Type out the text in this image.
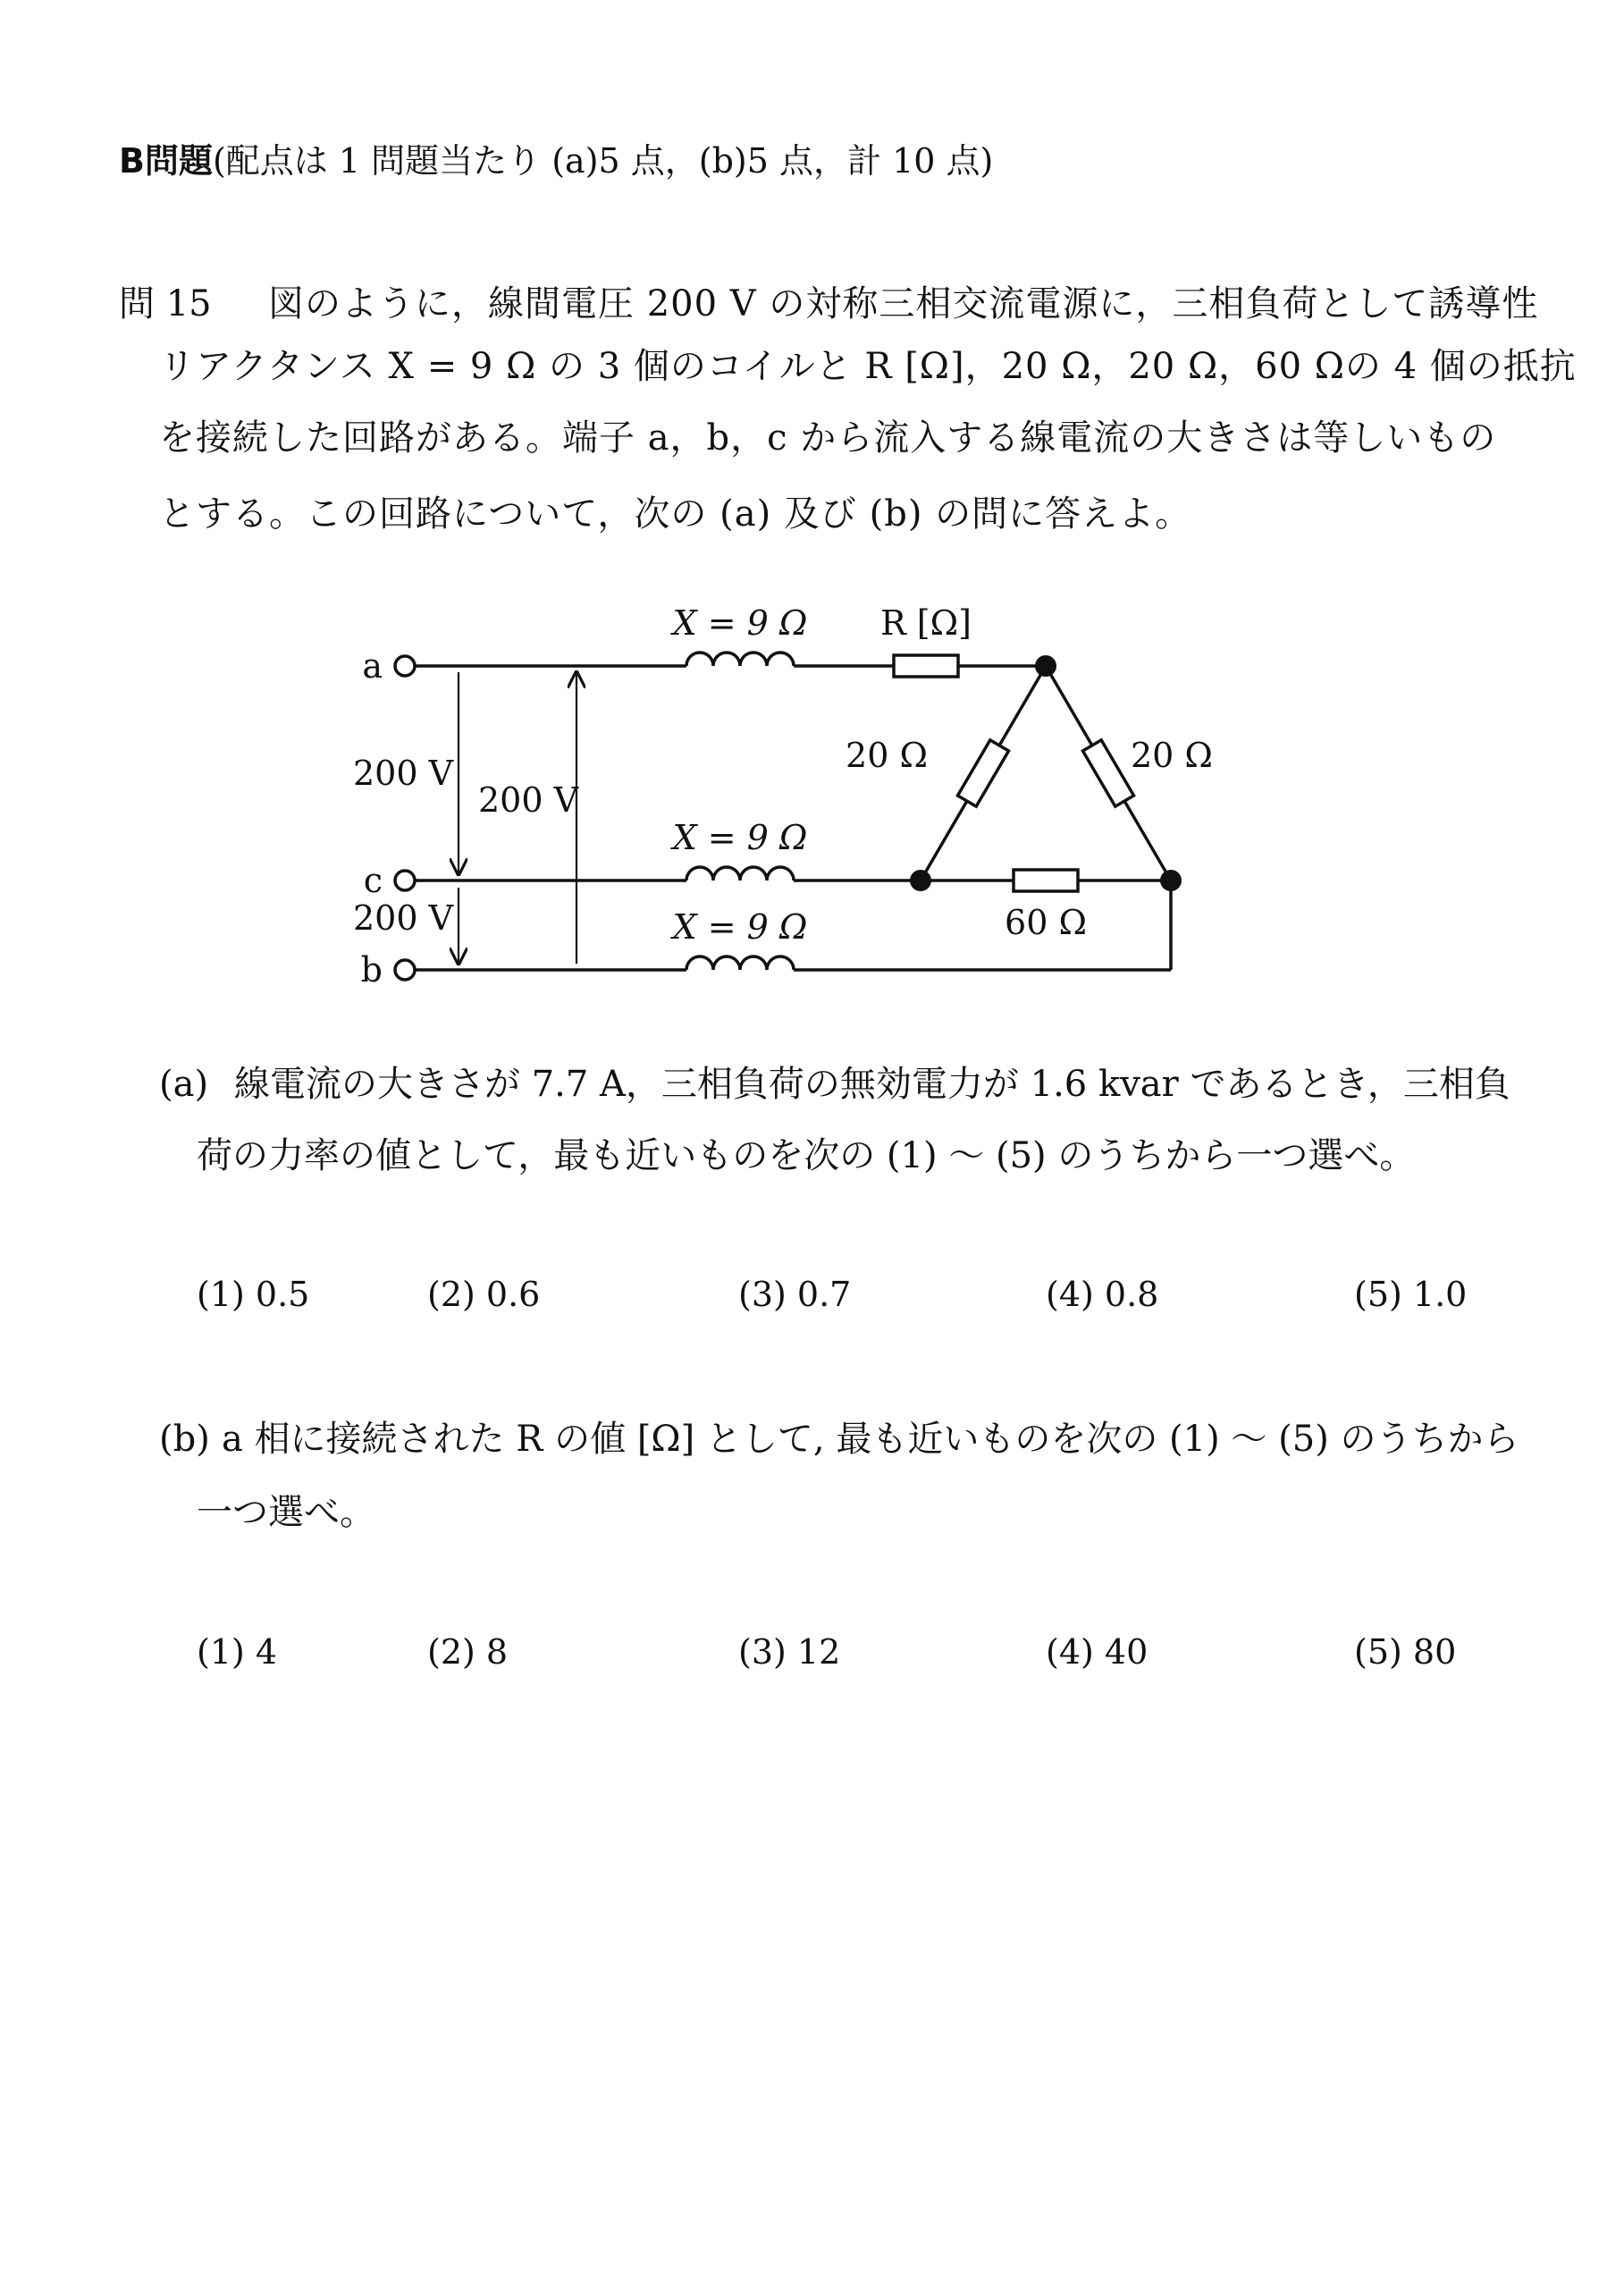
B問題(配点は 1 問題当たり (a)5 点，(b)5 点，計 10 点)
問 15 図のように，線間電圧 200 V の対称三相交流電源に，三相負荷として誘導性
リアクタンス X = 9 Ω の 3 個のコイルと R [Ω]，20 Ω，20 Ω，60 Ωの 4 個の抵抗
を接続した回路がある。端子 a，b，c から流入する線電流の大きさは等しいもの
とする。この回路について，次の (a) 及び (b) の問に答えよ。
a
c
b
200 V
200 V
200 V
X = 9 Ω
X = 9 Ω
X = 9 Ω
R [Ω]
20 Ω	20 Ω
60 Ω
(a) 線電流の大きさが 7.7 A，三相負荷の無効電力が 1.6 kvar であるとき，三相負
荷の力率の値として，最も近いものを次の (1) ～ (5) のうちから一つ選べ。
(1) 0.5	(2) 0.6	(3) 0.7	(4) 0.8	(5) 1.0
(b) a 相に接続された R の値 [Ω] として, 最も近いものを次の (1) ～ (5) のうちから
一つ選べ。
(1) 4	(2) 8	(3) 12	(4) 40	(5) 80
